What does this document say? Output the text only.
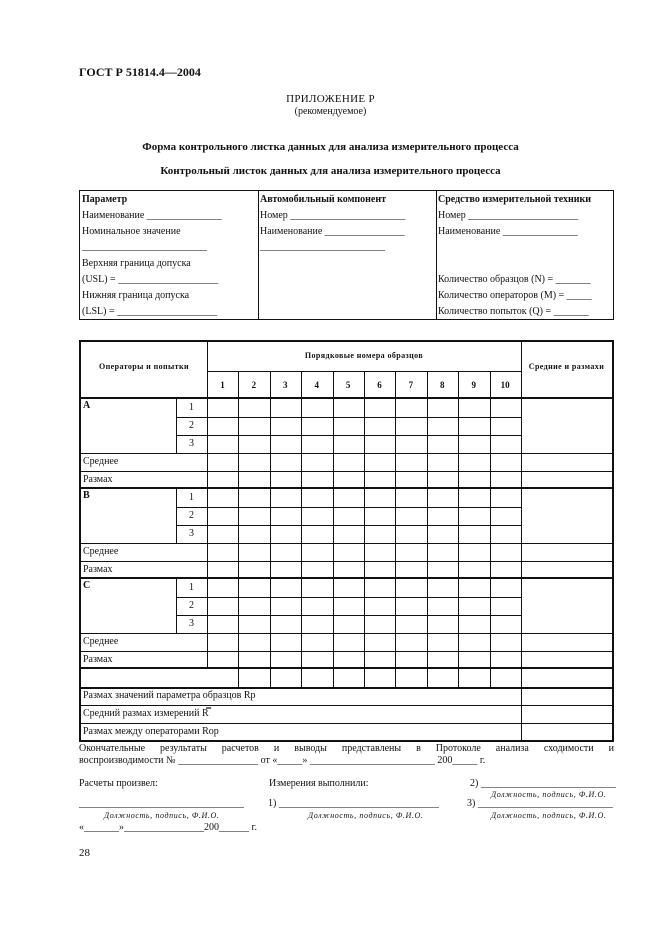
ГОСТ Р 51814.4—2004
ПРИЛОЖЕНИЕ Р
(рекомендуемое)
Форма контрольного листка данных для анализа измерительного процесса
Контрольный листок данных для анализа измерительного процесса
Параметр
Наименование _______________
Номинальное значение
_________________________
Верхняя граница допуска
(USL) = ____________________
Нижняя граница допуска
(LSL) = ____________________
Автомобильный компонент
Номер _______________________
Наименование ________________
_________________________
Средство измерительной техники
Номер ______________________
Наименование _______________
Количество образцов (N) = _______
Количество операторов (M) = _____
Количество попыток (Q) = _______
Операторы и попытки
Порядковые номера образцов
Средние и размахи
1	2	3	4	5	6	7	8	9	10
A	1
2
3
Среднее
Размах
B	1
2
3
Среднее
Размах
C	1
2
3
Среднее
Размах
Размах значений параметра образцов Rp
Средний размах измерений R̿
Размах между операторами Rop
Окончательные результаты расчетов и выводы представлены в Протоколе анализа сходимости и
воспроизводимости № ________________ от «_____» _________________________ 200_____ г.
Расчеты произвел:	Измерения выполнили:	2) ___________________________
Должность, подпись, Ф.И.О.
_________________________________ 1) ________________________________	3) ___________________________
Должность, подпись, Ф.И.О.	Должность, подпись, Ф.И.О.	Должность, подпись, Ф.И.О.
«_______»________________200______ г.
28
